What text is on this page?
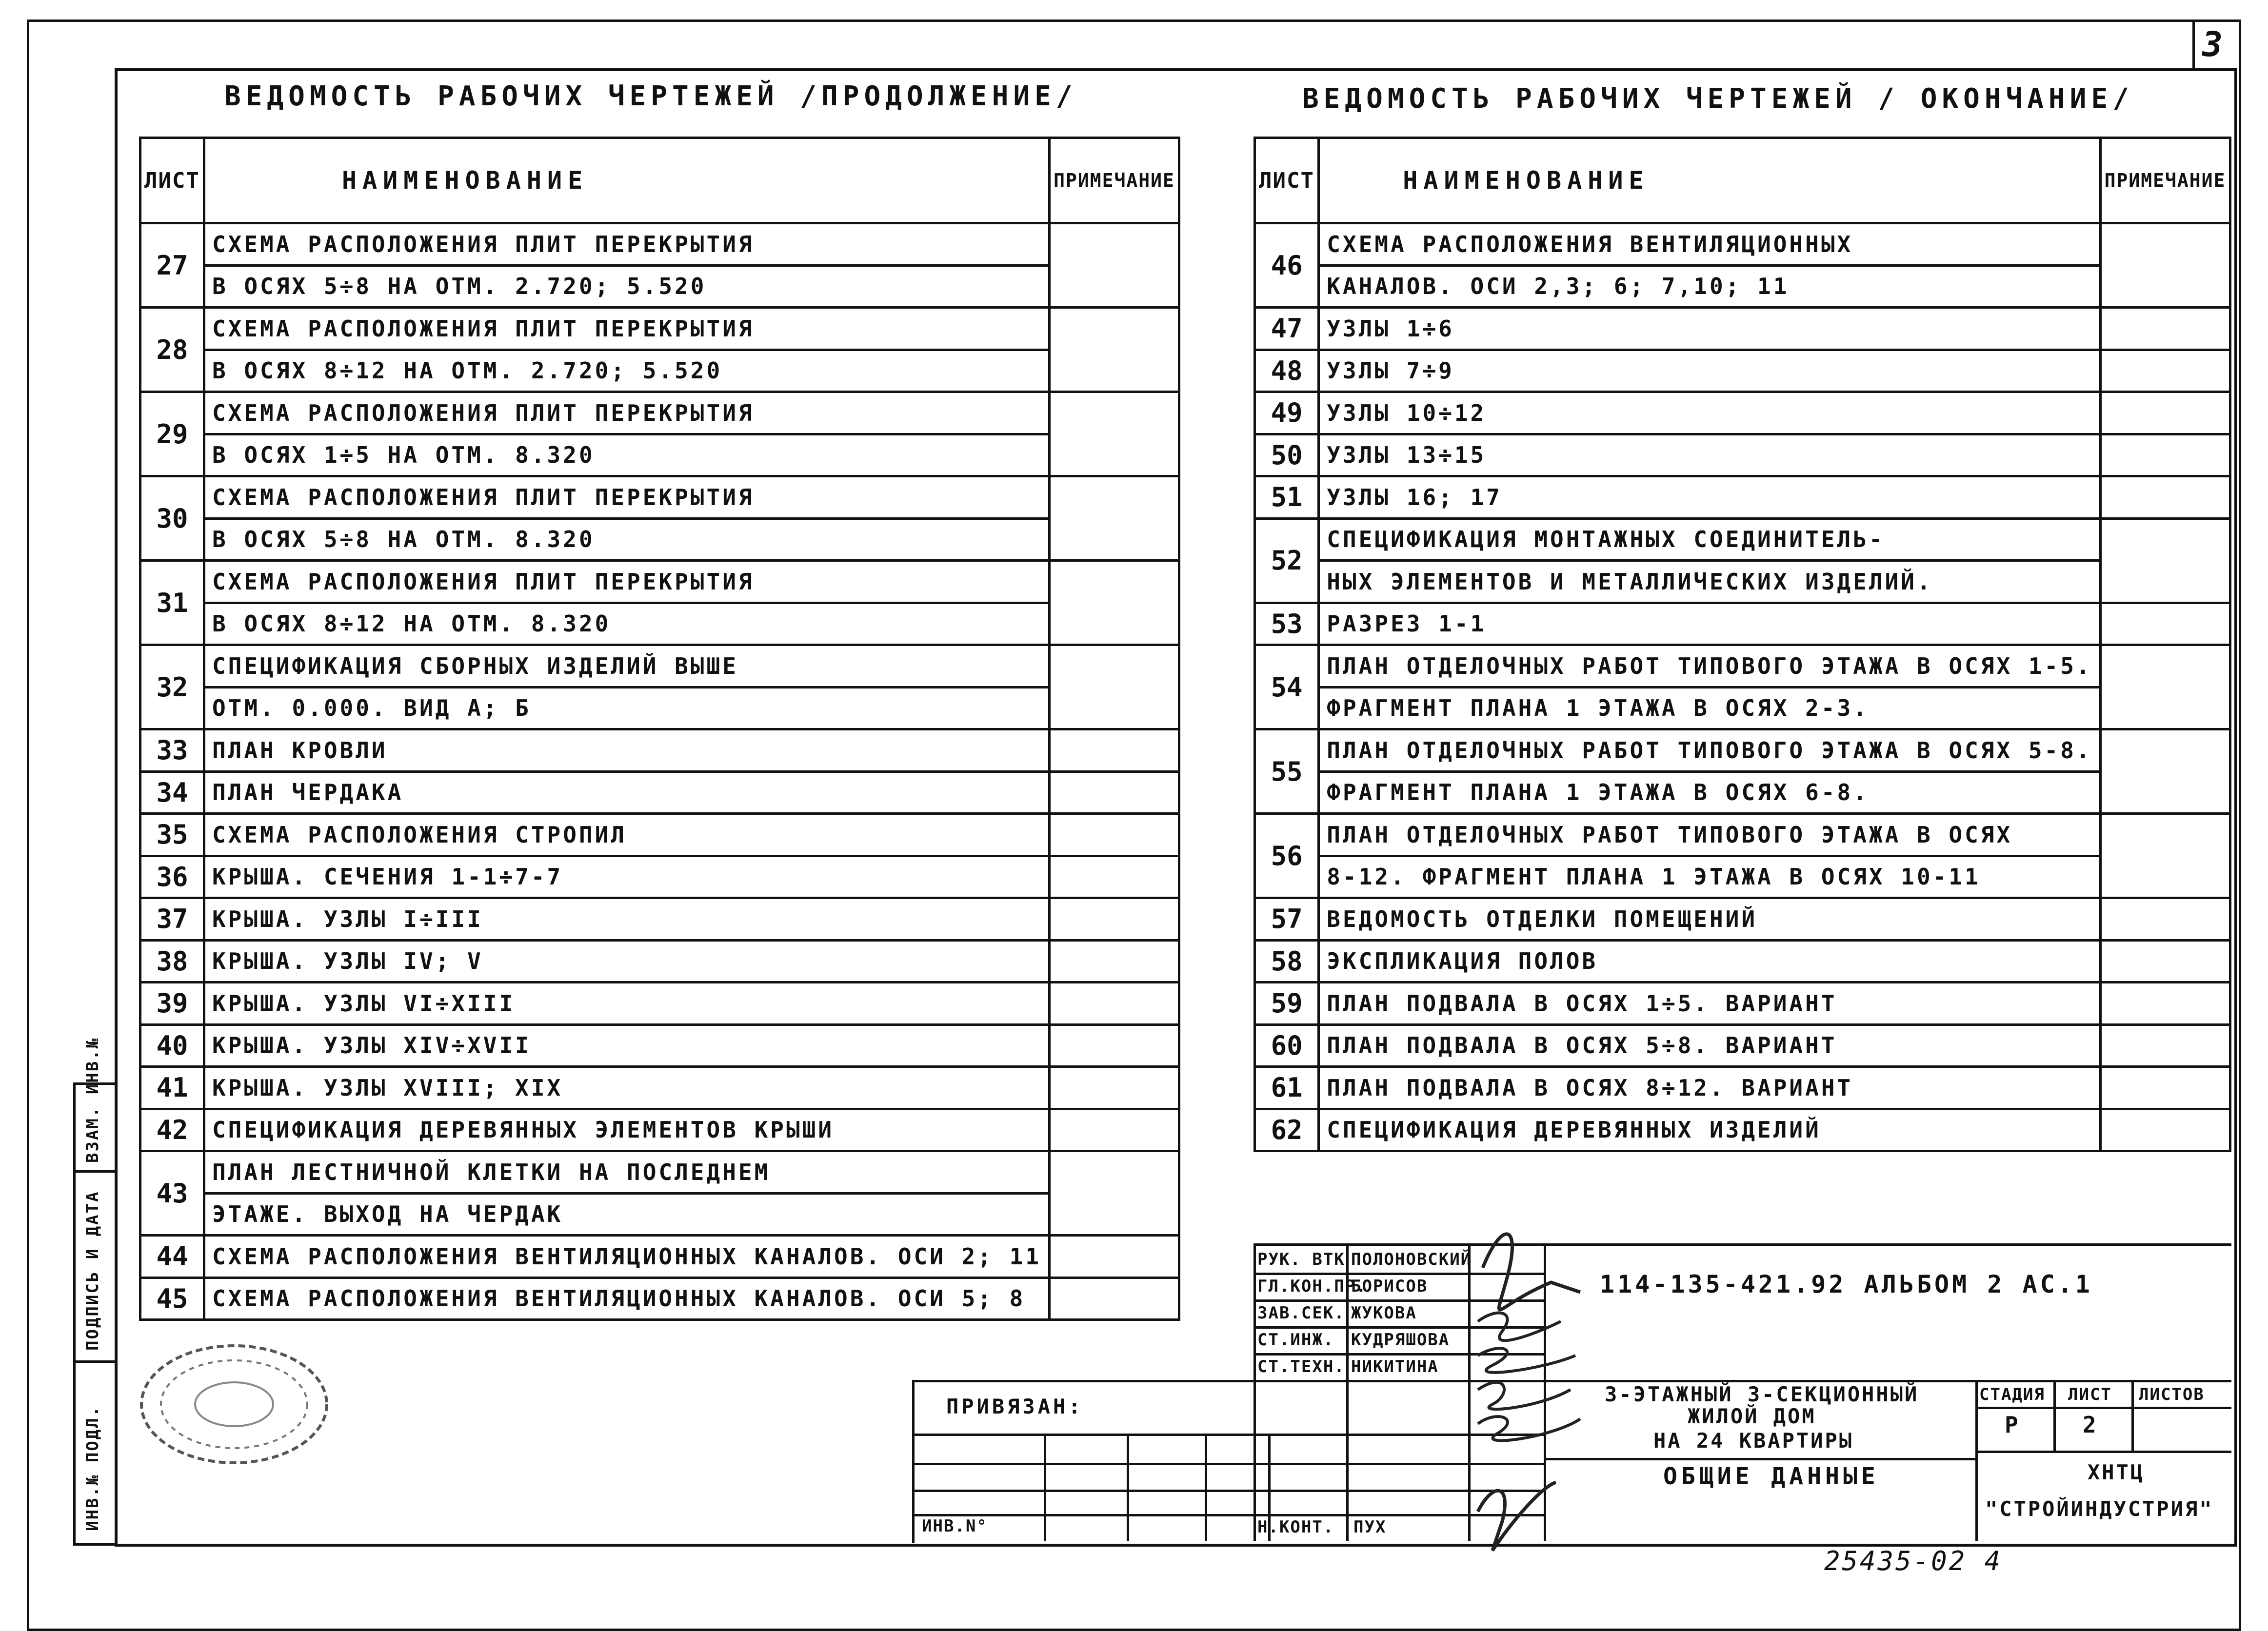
3
ИНВ.№ ПОДЛ.
ПОДПИСЬ И ДАТА
ВЗАМ. ИНВ.№
ВЕДОМОСТЬ РАБОЧИХ ЧЕРТЕЖЕЙ /ПРОДОЛЖЕНИЕ/	ВЕДОМОСТЬ РАБОЧИХ ЧЕРТЕЖЕЙ / ОКОНЧАНИЕ/
ЛИСТ	НАИМЕНОВАНИЕ	ПРИМЕЧАНИЕ
27	СХЕМА РАСПОЛОЖЕНИЯ ПЛИТ ПЕРЕКРЫТИЯ	
	В ОСЯХ 5÷8 НА ОТМ. 2.720; 5.520	
28	СХЕМА РАСПОЛОЖЕНИЯ ПЛИТ ПЕРЕКРЫТИЯ	
	В ОСЯХ 8÷12 НА ОТМ. 2.720; 5.520	
29	СХЕМА РАСПОЛОЖЕНИЯ ПЛИТ ПЕРЕКРЫТИЯ	
	В ОСЯХ 1÷5 НА ОТМ. 8.320	
30	СХЕМА РАСПОЛОЖЕНИЯ ПЛИТ ПЕРЕКРЫТИЯ	
	В ОСЯХ 5÷8 НА ОТМ. 8.320	
31	СХЕМА РАСПОЛОЖЕНИЯ ПЛИТ ПЕРЕКРЫТИЯ	
	В ОСЯХ 8÷12 НА ОТМ. 8.320	
32	СПЕЦИФИКАЦИЯ СБОРНЫХ ИЗДЕЛИЙ ВЫШЕ	
	ОТМ. 0.000. ВИД А; Б	
33	ПЛАН КРОВЛИ	
34	ПЛАН ЧЕРДАКА	
35	СХЕМА РАСПОЛОЖЕНИЯ СТРОПИЛ	
36	КРЫША. СЕЧЕНИЯ 1-1÷7-7	
37	КРЫША. УЗЛЫ I÷III	
38	КРЫША. УЗЛЫ IV; V	
39	КРЫША. УЗЛЫ VI÷XIII	
40	КРЫША. УЗЛЫ XIV÷XVII	
41	КРЫША. УЗЛЫ XVIII; XIX	
42	СПЕЦИФИКАЦИЯ ДЕРЕВЯННЫХ ЭЛЕМЕНТОВ КРЫШИ	
43	ПЛАН ЛЕСТНИЧНОЙ КЛЕТКИ НА ПОСЛЕДНЕМ	
	ЭТАЖЕ. ВЫХОД НА ЧЕРДАК	
44	СХЕМА РАСПОЛОЖЕНИЯ ВЕНТИЛЯЦИОННЫХ КАНАЛОВ. ОСИ 2; 11	
45	СХЕМА РАСПОЛОЖЕНИЯ ВЕНТИЛЯЦИОННЫХ КАНАЛОВ. ОСИ 5; 8	
ЛИСТ	НАИМЕНОВАНИЕ	ПРИМЕЧАНИЕ
46	СХЕМА РАСПОЛОЖЕНИЯ ВЕНТИЛЯЦИОННЫХ	
	КАНАЛОВ. ОСИ 2,3; 6; 7,10; 11	
47	УЗЛЫ 1÷6	
48	УЗЛЫ 7÷9	
49	УЗЛЫ 10÷12	
50	УЗЛЫ 13÷15	
51	УЗЛЫ 16; 17	
52	СПЕЦИФИКАЦИЯ МОНТАЖНЫХ СОЕДИНИТЕЛЬ-	
	НЫХ ЭЛЕМЕНТОВ И МЕТАЛЛИЧЕСКИХ ИЗДЕЛИЙ.	
53	РАЗРЕЗ 1-1	
54	ПЛАН ОТДЕЛОЧНЫХ РАБОТ ТИПОВОГО ЭТАЖА В ОСЯХ 1-5.	
	ФРАГМЕНТ ПЛАНА 1 ЭТАЖА В ОСЯХ 2-3.	
55	ПЛАН ОТДЕЛОЧНЫХ РАБОТ ТИПОВОГО ЭТАЖА В ОСЯХ 5-8.	
	ФРАГМЕНТ ПЛАНА 1 ЭТАЖА В ОСЯХ 6-8.	
56	ПЛАН ОТДЕЛОЧНЫХ РАБОТ ТИПОВОГО ЭТАЖА В ОСЯХ	
	8-12. ФРАГМЕНТ ПЛАНА 1 ЭТАЖА В ОСЯХ 10-11	
57	ВЕДОМОСТЬ ОТДЕЛКИ ПОМЕЩЕНИЙ	
58	ЭКСПЛИКАЦИЯ ПОЛОВ	
59	ПЛАН ПОДВАЛА В ОСЯХ 1÷5. ВАРИАНТ	
60	ПЛАН ПОДВАЛА В ОСЯХ 5÷8. ВАРИАНТ	
61	ПЛАН ПОДВАЛА В ОСЯХ 8÷12. ВАРИАНТ	
62	СПЕЦИФИКАЦИЯ ДЕРЕВЯННЫХ ИЗДЕЛИЙ	
ПРИВЯЗАН:
ИНВ.N°
РУК. ВТК ПОЛОНОВСКИЙ
ГЛ.КОН.ПР.
БОРИСОВ
ЗАВ.СЕК. ЖУКОВА
СТ.ИНЖ. КУДРЯШОВА
СТ.ТЕХН. НИКИТИНА
Н.КОНТ. ПУХ
114-135-421.92 АЛЬБОМ 2 АС.1
СТАДИЯ ЛИСТ ЛИСТОВ
Р	2
3-ЭТАЖНЫЙ 3-СЕКЦИОННЫЙ
ЖИЛОЙ ДОМ
НА 24 КВАРТИРЫ
ОБЩИЕ ДАННЫЕ	ХНТЦ
"СТРОЙИНДУСТРИЯ"
25435-02 4
